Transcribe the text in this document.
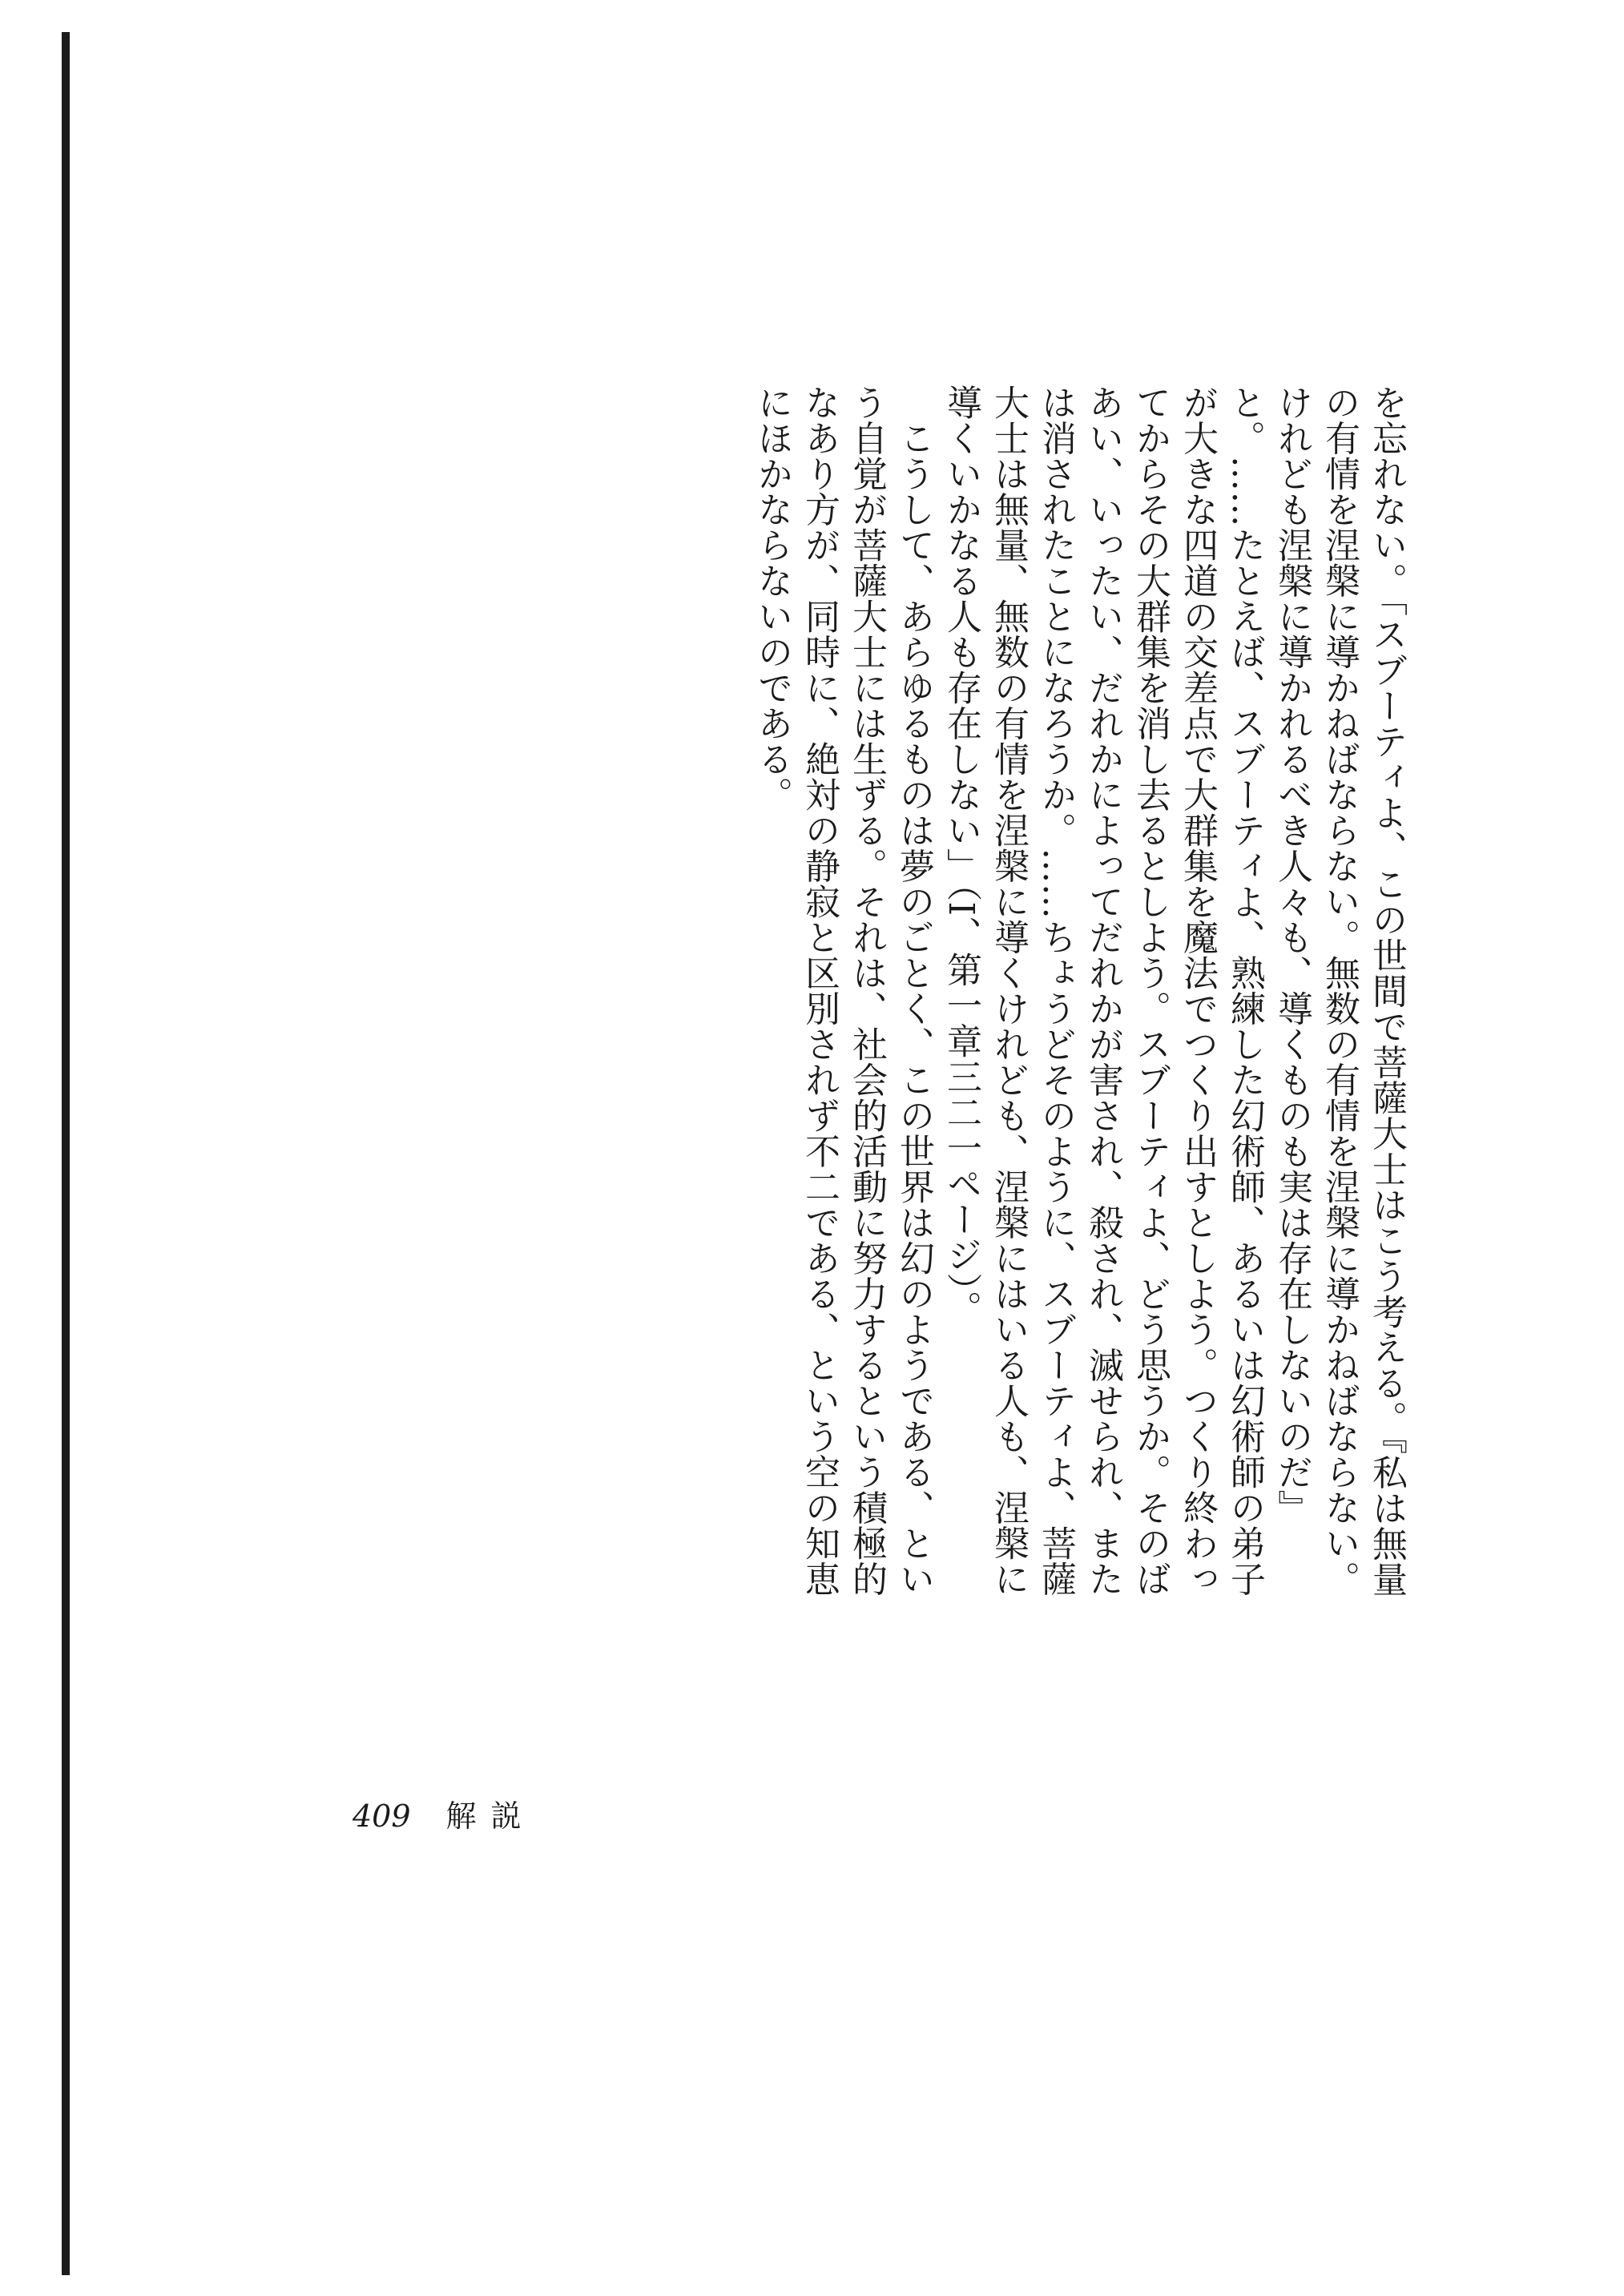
を忘れない。「スブーティよ、この世間で菩薩大士はこう考える。『私は無量の有情を涅槃に導かねばならない。無数の有情を涅槃に導かねばならない。けれども涅槃に導かれるべき人々も、導くものも実は存在しないのだ』と。……たとえば、スブーティよ、熟練した幻術師、あるいは幻術師の弟子が大きな四道の交差点で大群集を魔法でつくり出すとしよう。つくり終わってからその大群集を消し去るとしよう。スブーティよ、どう思うか。そのばあい、いったい、だれかによってだれかが害され、殺され、滅せられ、または消されたことになろうか。……ちょうどそのように、スブーティよ、菩薩大士は無量、無数の有情を涅槃に導くけれども、涅槃にはいる人も、涅槃に導くいかなる人も存在しない」（I、第一章三二一ページ）。

　こうして、あらゆるものは夢のごとく、この世界は幻のようである、という自覚が菩薩大士には生ずる。それは、社会的活動に努力するという積極的なあり方が、同時に、絶対の静寂と区別されず不二である、という空の知恵にほかならないのである。

409 解説
